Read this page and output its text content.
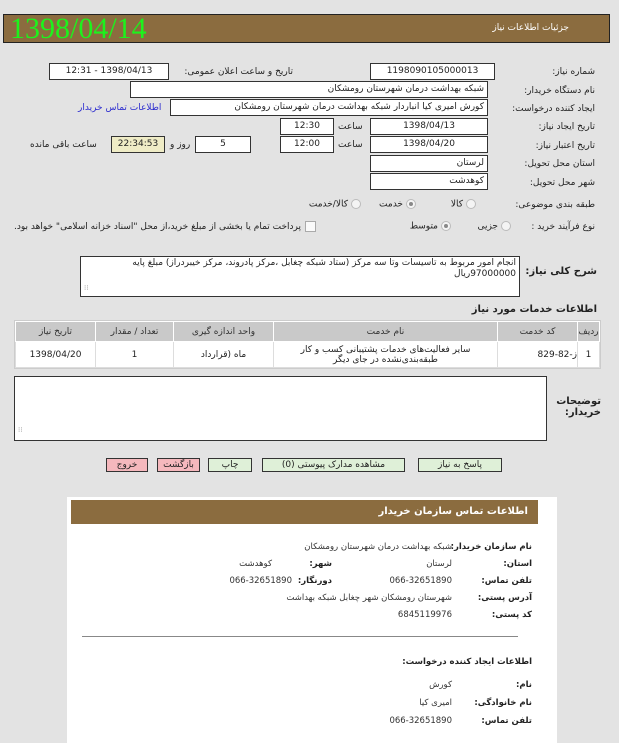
1398/04/14	جزئیات اطلاعات نیاز
شماره نیاز:
1198090105000013
تاریخ و ساعت اعلان عمومی:
1398/04/13 - 12:31
نام دستگاه خریدار:
شبکه بهداشت درمان شهرستان رومشکان
ایجاد کننده درخواست:
کورش امیری کیا انباردار شبکه بهداشت درمان شهرستان رومشکان
اطلاعات تماس خریدار
تاریخ ایجاد نیاز:
1398/04/13
ساعت
12:30
تاریخ اعتبار نیاز:
1398/04/20
ساعت
12:00
5
روز و
22:34:53
ساعت باقی مانده
استان محل تحویل:
لرستان
شهر محل تحویل:
کوهدشت
طبقه بندی موضوعی:
کالا
خدمت
کالا/خدمت
نوع فرآیند خرید :
جزیی
متوسط
پرداخت تمام یا بخشی از مبلغ خرید،از محل "اسناد خزانه اسلامی" خواهد بود.
شرح کلی نیاز:
انجام امور مربوط به تاسیسات وتا سه مرکز (ستاد شبکه چغابل ،مرکز پادروند، مرکز خیبردراز) مبلغ پایه 97000000ریال
⁞⁞
اطلاعات خدمات مورد نیاز
ردیف	کد خدمت	نام خدمت	واحد اندازه گیری	تعداد / مقدار	تاریخ نیاز
1	ز-82-829	سایر فعالیت‌های خدمات پشتیبانی کسب و کار طبقه‌بندی‌نشده در جای دیگر	ماه (قرارداد	1	1398/04/20
توضیحات خریدار:
⁞⁞
پاسخ به نیاز
مشاهده مدارک پیوستی (0)
چاپ
بازگشت
خروج
اطلاعات تماس سازمان خریدار
نام سازمان خریدار:
شبکه بهداشت درمان شهرستان رومشکان
استان:
لرستان
شهر:
کوهدشت
تلفن تماس:
066-32651890
دورنگار:
066-32651890
آدرس پستی:
شهرستان رومشکان شهر چغابل شبکه بهداشت
کد پستی:
6845119976
اطلاعات ایجاد کننده درخواست:
نام:
کورش
نام خانوادگی:
امیری کیا
تلفن تماس:
066-32651890
